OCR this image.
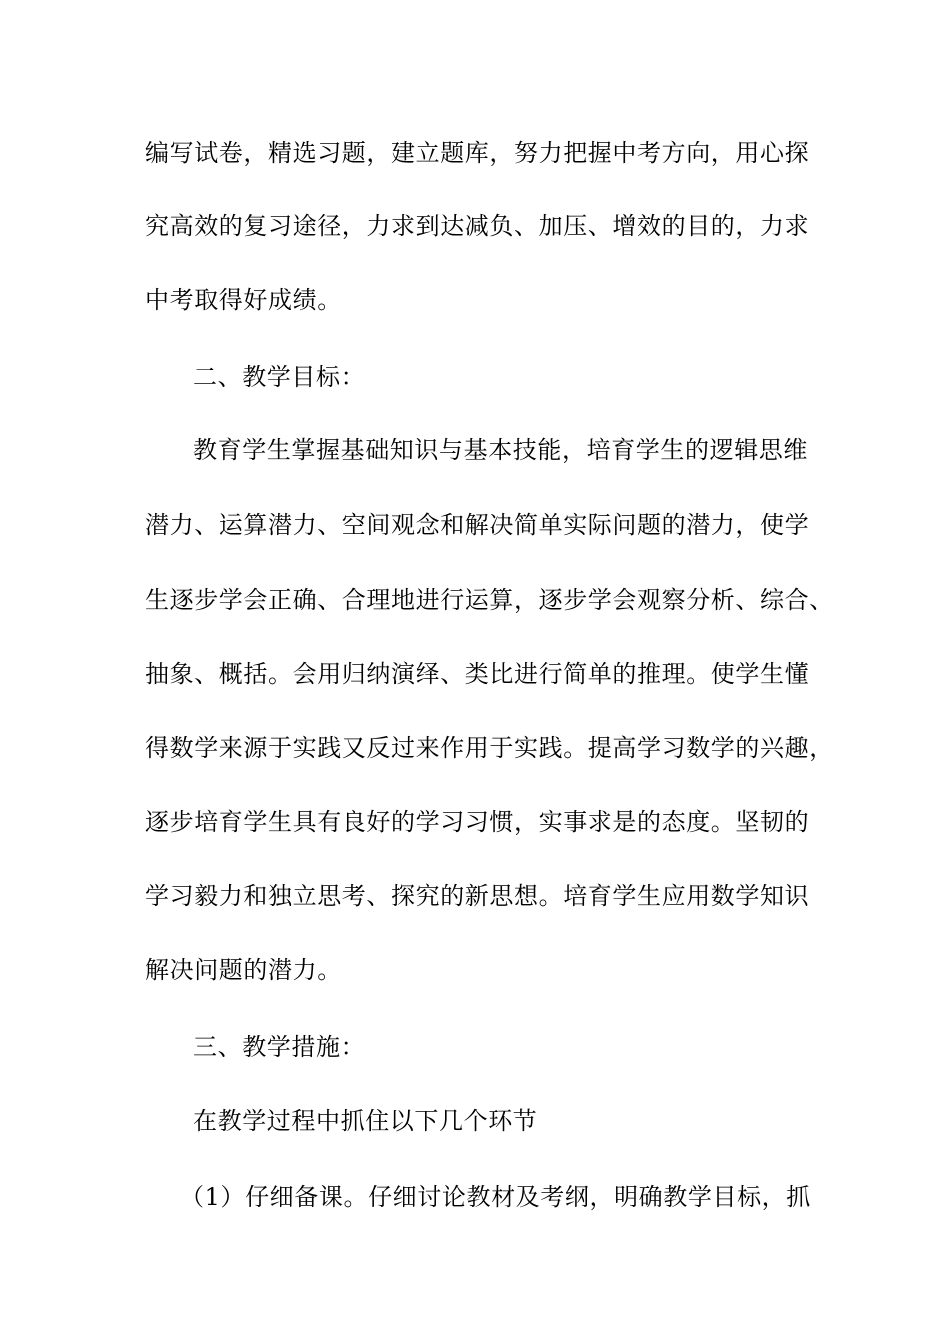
编写试卷，精选习题，建立题库，努力把握中考方向，用心探
究高效的复习途径，力求到达减负、加压、增效的目的，力求
中考取得好成绩。
二、教学目标：
教育学生掌握基础知识与基本技能，培育学生的逻辑思维
潜力、运算潜力、空间观念和解决简单实际问题的潜力，使学
生逐步学会正确、合理地进行运算，逐步学会观察分析、综合、
抽象、概括。会用归纳演绎、类比进行简单的推理。使学生懂
得数学来源于实践又反过来作用于实践。提高学习数学的兴趣，
逐步培育学生具有良好的学习习惯，实事求是的态度。坚韧的
学习毅力和独立思考、探究的新思想。培育学生应用数学知识
解决问题的潜力。
三、教学措施：
在教学过程中抓住以下几个环节
（1）仔细备课。仔细讨论教材及考纲，明确教学目标，抓
